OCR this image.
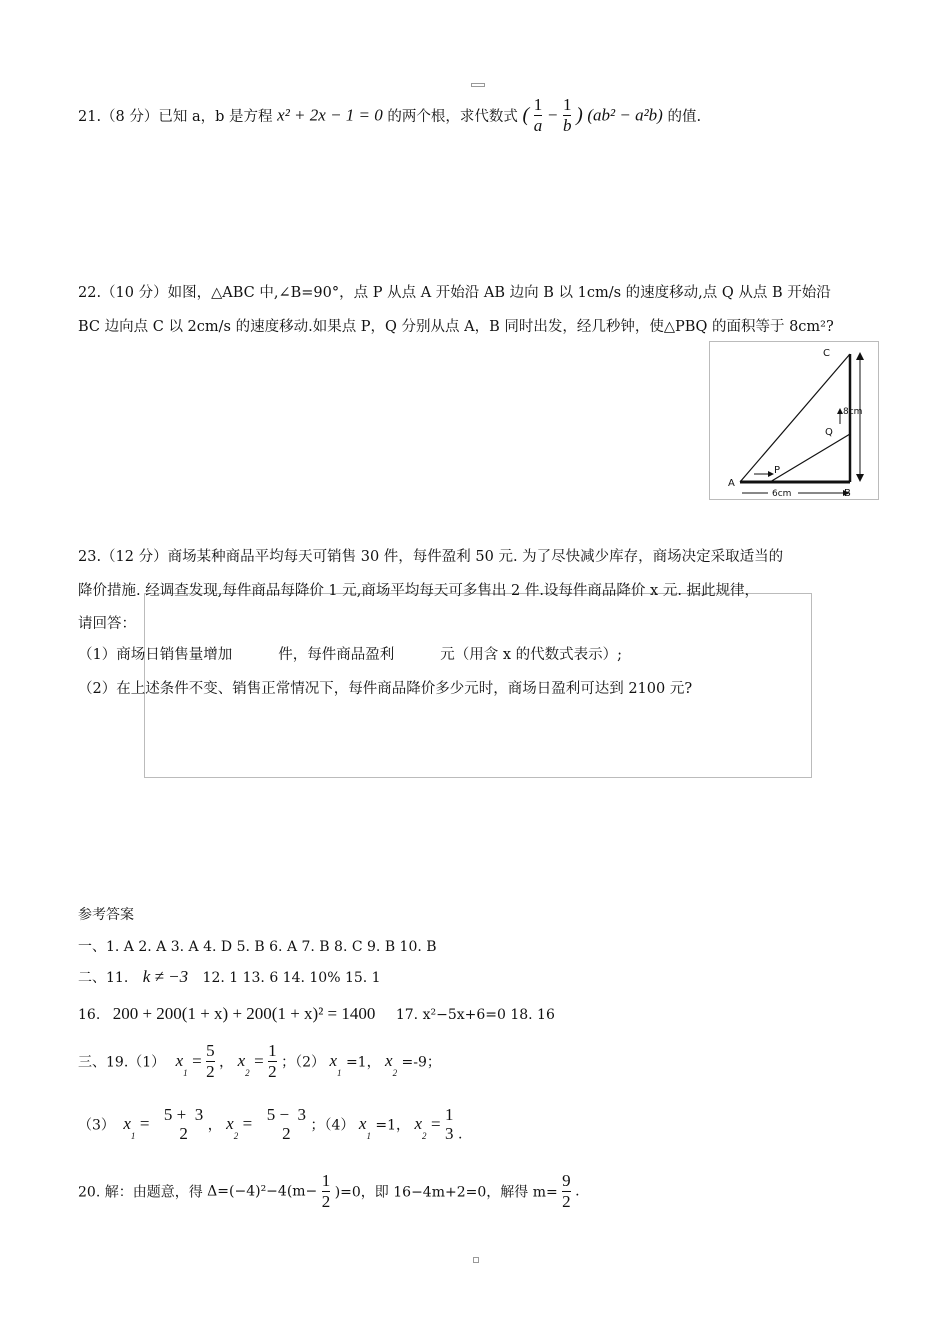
21.（8 分）已知 a，b 是方程 x² + 2x − 1 = 0 的两个根，求代数式 ( $\frac{1}{a} - \frac{1}{b}$ ) (ab² − a²b) 的值.
22.（10 分）如图，△ABC 中,∠B=90°，点 P 从点 A 开始沿 AB 边向 B 以 1cm/s 的速度移动,点 Q 从点 B 开始沿
BC 边向点 C 以 2cm/s 的速度移动.如果点 P，Q 分别从点 A，B 同时出发，经几秒钟，使△PBQ 的面积等于 8cm²?
C
A
B
P
Q
8cm
6cm
23.（12 分）商场某种商品平均每天可销售 30 件，每件盈利 50 元. 为了尽快减少库存，商场决定采取适当的
降价措施. 经调查发现,每件商品每降价 1 元,商场平均每天可多售出 2 件.设每件商品降价 x 元. 据此规律，
请回答：
（1）商场日销售量增加	件，每件商品盈利	元（用含 x 的代数式表示）;
（2）在上述条件不变、销售正常情况下，每件商品降价多少元时，商场日盈利可达到 2100 元?
参考答案
一、1. A 2. A 3. A 4. D 5. B 6. A 7. B 8. C 9. B 10. B
二、11. k ≠ −3 12. 1 13. 6 14. 10% 15. 1
16. 200 + 200(1 + x) + 200(1 + x)² = 1400 17. x²−5x+6=0 18. 16
三、19.（1） $x_1 = \frac{5}{2}$ ， $x_2 = \frac{1}{2}$ ；（2） $x_1 =1$， $x_2 =-9$；
（3） $x_1 = 5 + 3$
2	， $x_2 = 5 - 3$
2	；（4） $x_1 =1$， $x_2 = 1$
3 .
20. 解：由题意，得 $\Delta=(-4)^2-4(m- \frac{1}{2} )=0$，即 16−4m+2=0，解得 $m= \frac{9}{2}$ .
